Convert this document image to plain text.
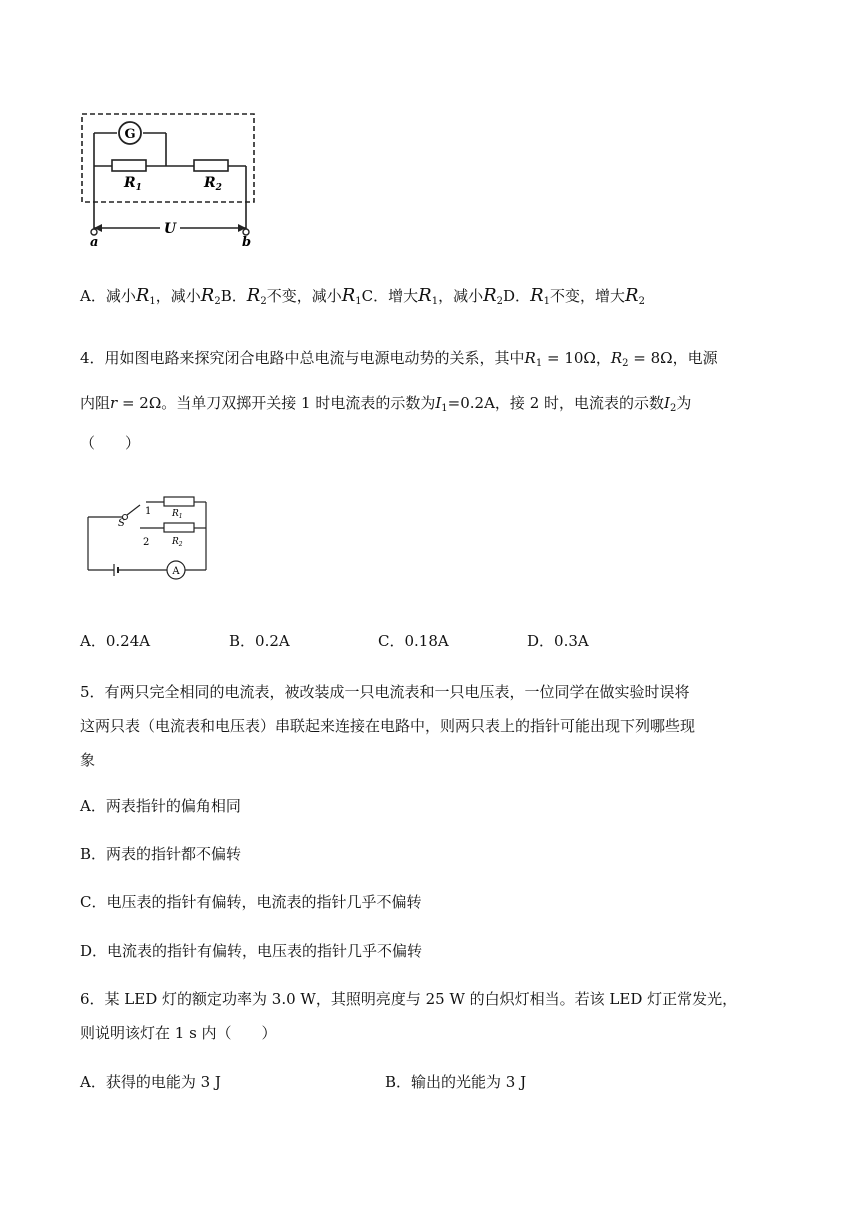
G
$R_1$	$R_2$
U
a	b
A．减小$R_1$，减小$R_2B$．$R_2$不变，减小$R_1C$．增大$R_1$，减小$R_2D$．$R_1$不变，增大$R_2$
4．用如图电路来探究闭合电路中总电流与电源电动势的关系，其中$R_1 = 10\Omega$，$R_2 = 8\Omega$，电源
内阻r = 2Ω。当单刀双掷开关接 1 时电流表的示数为$I_1=0.2A$，接 2 时，电流表的示数$I_2$为
（　　）
S
1 $R_1$
2	$R_2$
A
A．0.24A	B．0.2A	C．0.18A	D．0.3A
5．有两只完全相同的电流表，被改装成一只电流表和一只电压表，一位同学在做实验时误将
这两只表（电流表和电压表）串联起来连接在电路中，则两只表上的指针可能出现下列哪些现
象
A．两表指针的偏角相同
B．两表的指针都不偏转
C．电压表的指针有偏转，电流表的指针几乎不偏转
D．电流表的指针有偏转，电压表的指针几乎不偏转
6．某 LED 灯的额定功率为 3.0 W，其照明亮度与 25 W 的白炽灯相当。若该 LED 灯正常发光，
则说明该灯在 1 s 内（　　）
A．获得的电能为 3 J	B．输出的光能为 3 J
